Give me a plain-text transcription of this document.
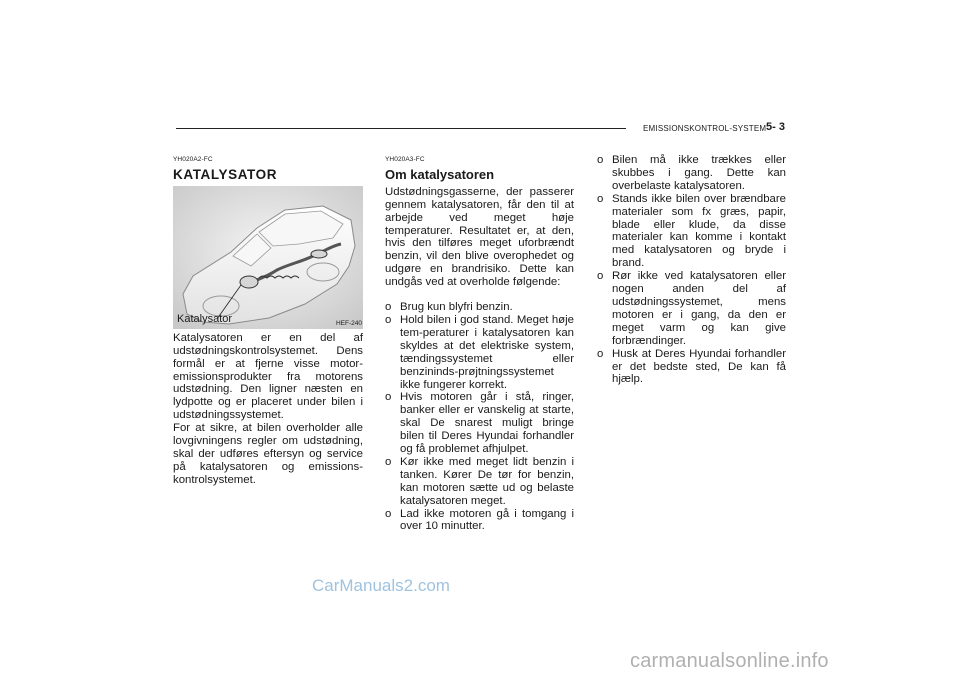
EMISSIONSKONTROL-SYSTEM 5- 3
YH020A2-FC
KATALYSATOR
Katalysator	HEF-240

Katalysatoren er en del af udstødningskontrolsystemet. Dens formål er at fjerne visse motor-emissionsprodukter fra motorens udstødning. Den ligner næsten en lydpotte og er placeret under bilen i udstødningssystemet.

For at sikre, at bilen overholder alle lovgivningens regler om udstødning, skal der udføres eftersyn og service på katalysatoren og emissions-kontrolsystemet.

YH020A3-FC
Om katalysatoren

Udstødningsgasserne, der passerer gennem katalysatoren, får den til at arbejde ved meget høje temperaturer. Resultatet er, at den, hvis den tilføres meget uforbrændt benzin, vil den blive overophedet og udgøre en brandrisiko. Dette kan undgås ved at overholde følgende:

o Brug kun blyfri benzin.
o Hold bilen i god stand. Meget høje tem-peraturer i katalysatoren kan skyldes at det elektriske system, tændingssystemet eller benzininds-prøjtningssystemet ikke fungerer korrekt.
o Hvis motoren går i stå, ringer, banker eller er vanskelig at starte, skal De snarest muligt bringe bilen til Deres Hyundai forhandler og få problemet afhjulpet.
o Kør ikke med meget lidt benzin i tanken. Kører De tør for benzin, kan motoren sætte ud og belaste katalysatoren meget.
o Lad ikke motoren gå i tomgang i over 10 minutter.
o Bilen må ikke trækkes eller skubbes i gang. Dette kan overbelaste katalysatoren.
o Stands ikke bilen over brændbare materialer som fx græs, papir, blade eller klude, da disse materialer kan komme i kontakt med katalysatoren og bryde i brand.
o Rør ikke ved katalysatoren eller nogen anden del af udstødningssystemet, mens motoren er i gang, da den er meget varm og kan give forbrændinger.
o Husk at Deres Hyundai forhandler er det bedste sted, De kan få hjælp.
CarManuals2.com
carmanualsonline.info
